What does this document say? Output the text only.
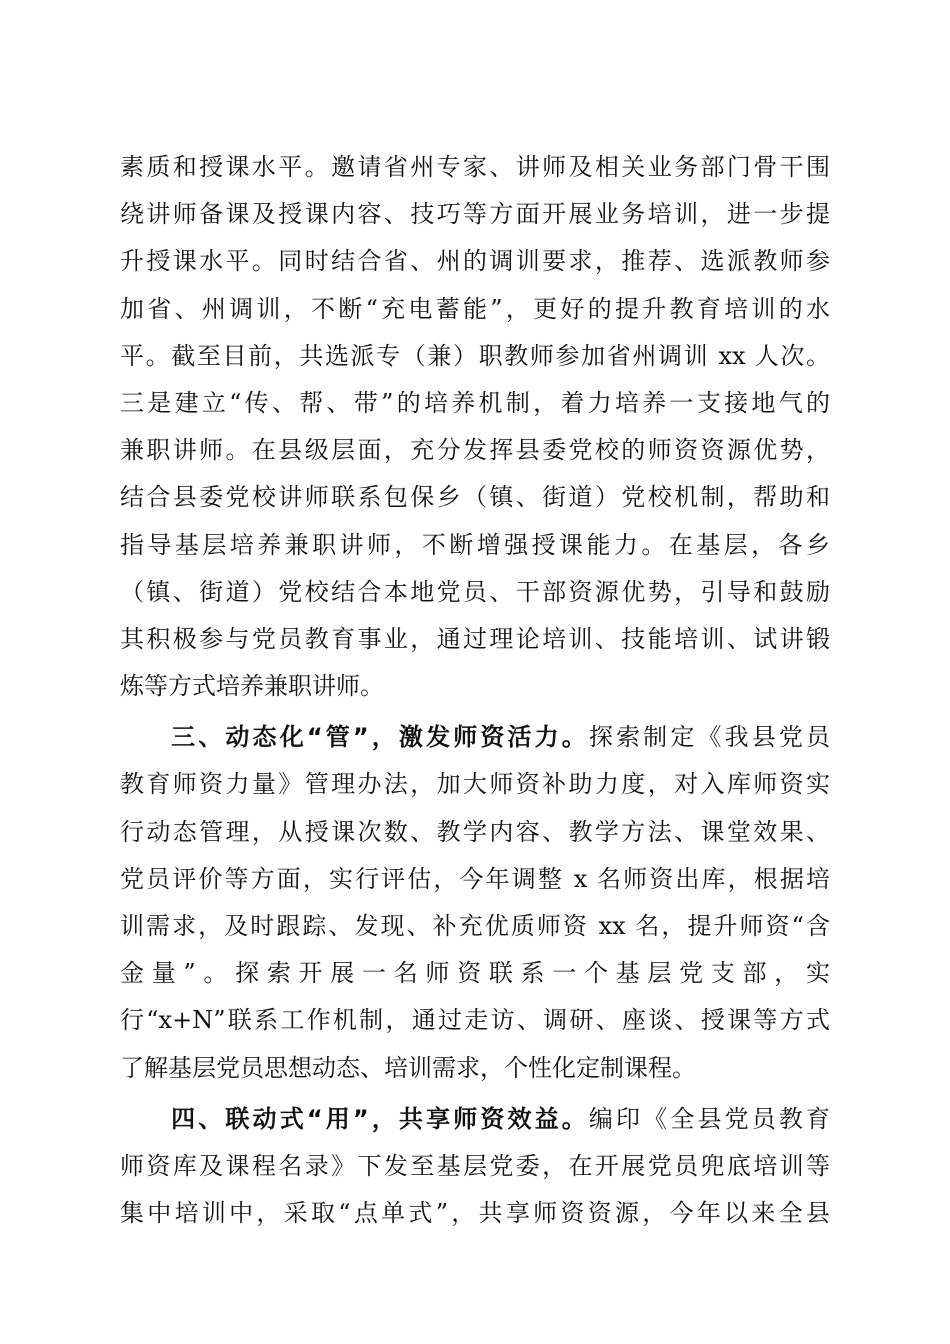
素质和授课水平。邀请省州专家、讲师及相关业务部门骨干围
绕讲师备课及授课内容、技巧等方面开展业务培训，进一步提
升授课水平。同时结合省、州的调训要求，推荐、选派教师参
加省、州调训，不断“充电蓄能”，更好的提升教育培训的水
平。截至目前，共选派专（兼）职教师参加省州调训 xx 人次。
三是建立“传、帮、带”的培养机制，着力培养一支接地气的
兼职讲师。在县级层面，充分发挥县委党校的师资资源优势，
结合县委党校讲师联系包保乡（镇、街道）党校机制，帮助和
指导基层培养兼职讲师，不断增强授课能力。在基层，各乡
（镇、街道）党校结合本地党员、干部资源优势，引导和鼓励
其积极参与党员教育事业，通过理论培训、技能培训、试讲锻
炼等方式培养兼职讲师。
三、动态化“管”，激发师资活力。探索制定《我县党员
教育师资力量》管理办法，加大师资补助力度，对入库师资实
行动态管理，从授课次数、教学内容、教学方法、课堂效果、
党员评价等方面，实行评估，今年调整 x 名师资出库，根据培
训需求，及时跟踪、发现、补充优质师资 xx 名，提升师资“含
金量”。探索开展一名师资联系一个基层党支部，实
行“x+N”联系工作机制，通过走访、调研、座谈、授课等方式
了解基层党员思想动态、培训需求，个性化定制课程。
四、联动式“用”，共享师资效益。编印《全县党员教育
师资库及课程名录》下发至基层党委，在开展党员兜底培训等
集中培训中，采取“点单式”，共享师资资源，今年以来全县
